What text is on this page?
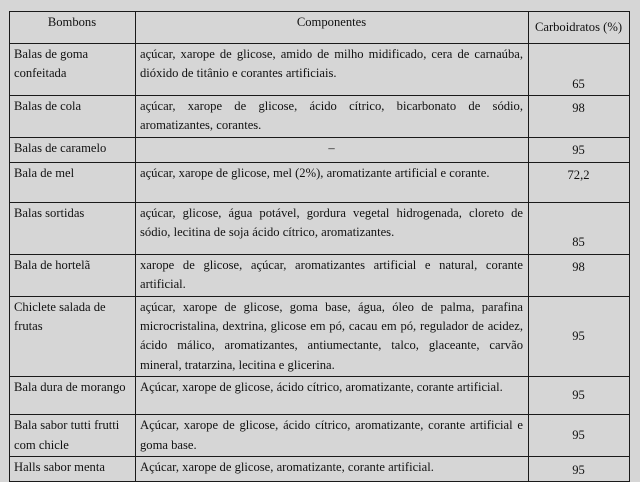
Bombons	Componentes	Carboidratos (%)
Balas de goma confeitada	açúcar, xarope de glicose, amido de milho midificado, cera de carnaúba, dióxido de titânio e corantes artificiais.	65
Balas de cola	açúcar, xarope de glicose, ácido cítrico, bicarbonato de sódio, aromatizantes, corantes.	98
Balas de caramelo	–	95
Bala de mel	açúcar, xarope de glicose, mel (2%), aromatizante artificial e corante.	72,2
Balas sortidas	açúcar, glicose, água potável, gordura vegetal hidrogenada, cloreto de sódio, lecitina de soja ácido cítrico, aromatizantes.	85
Bala de hortelã	xarope de glicose, açúcar, aromatizantes artificial e natural, corante artificial.	98
Chiclete salada de frutas	açúcar, xarope de glicose, goma base, água, óleo de palma, parafina microcristalina, dextrina, glicose em pó, cacau em pó, regulador de acidez, ácido málico, aromatizantes, antiumectante, talco, glaceante, carvão mineral, tratarzina, lecitina e glicerina.	95
Bala dura de morango	Açúcar, xarope de glicose, ácido cítrico, aromatizante, corante artificial.	95
Bala sabor tutti frutti com chicle	Açúcar, xarope de glicose, ácido cítrico, aromatizante, corante artificial e goma base.	95
Halls sabor menta	Açúcar, xarope de glicose, aromatizante, corante artificial.	95
